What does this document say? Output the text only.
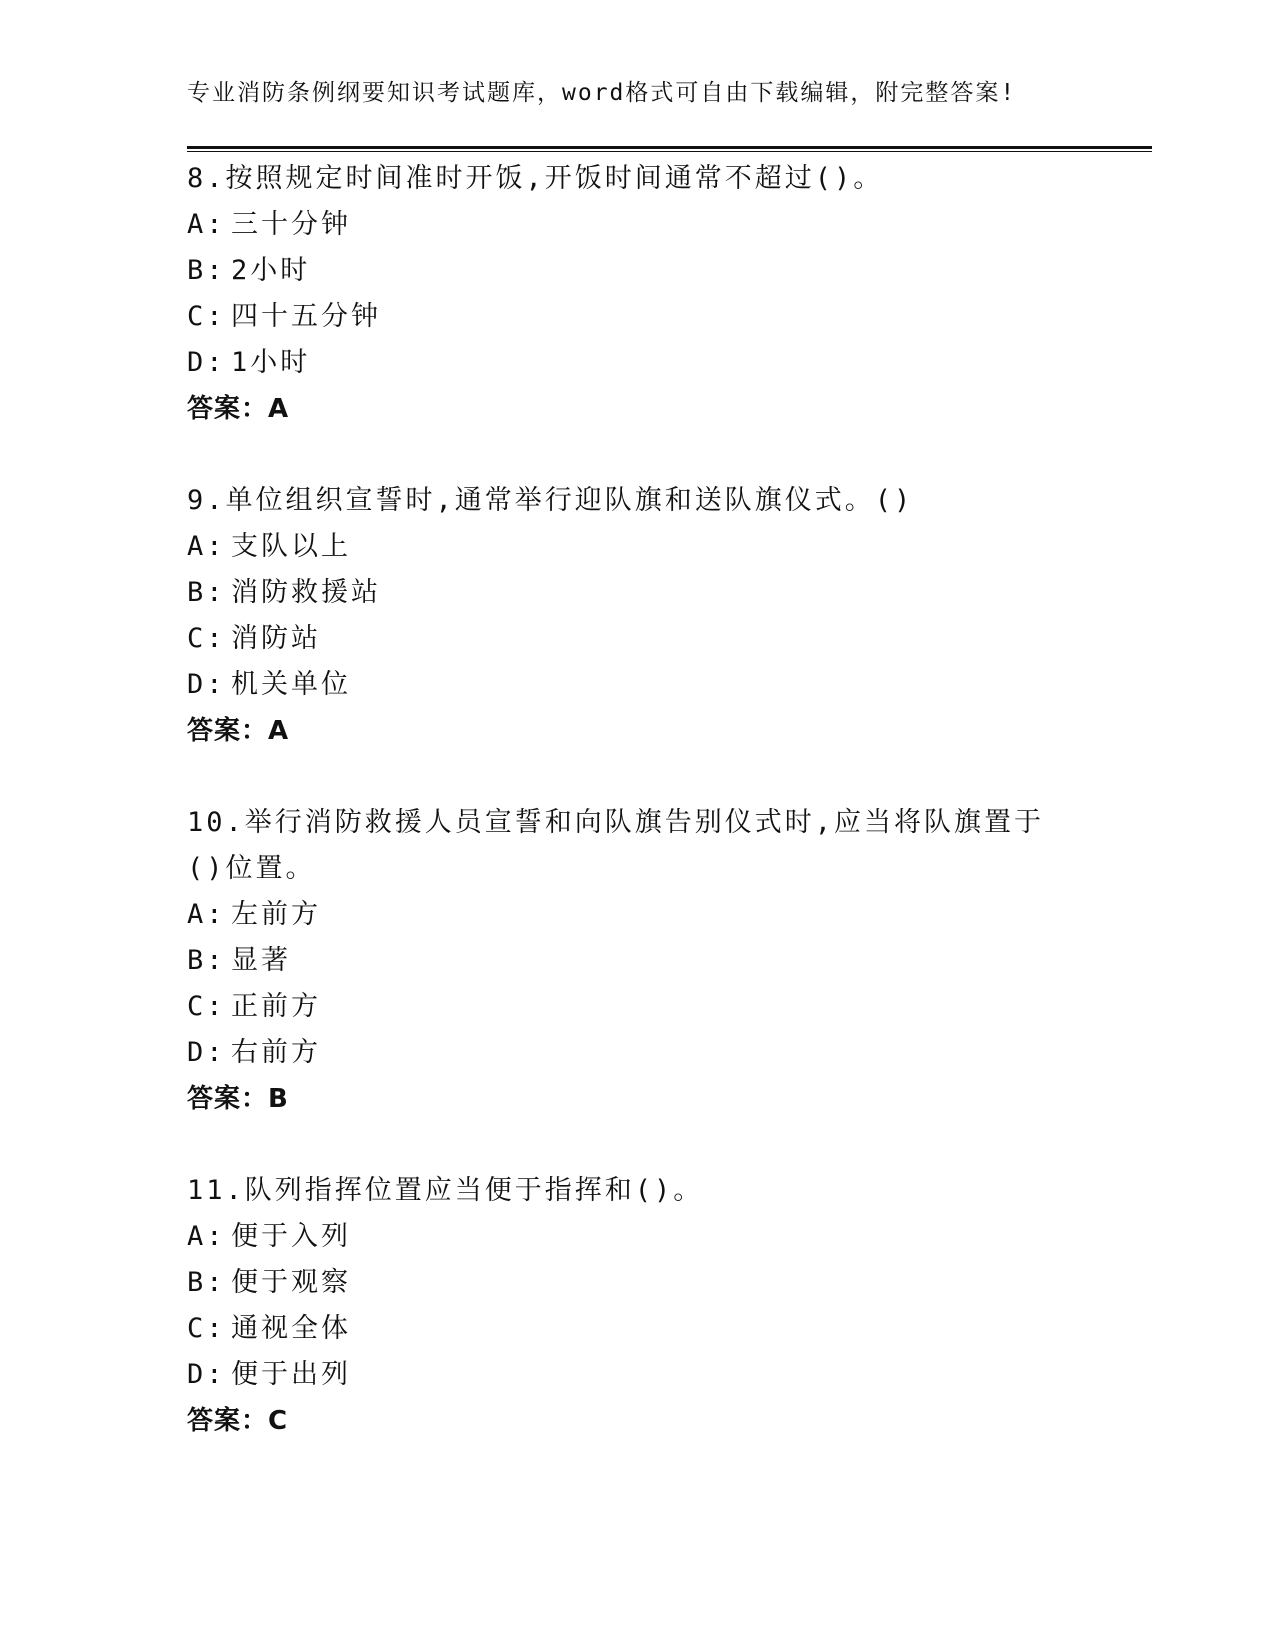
专业消防条例纲要知识考试题库，word格式可自由下载编辑，附完整答案!
8.按照规定时间准时开饭,开饭时间通常不超过()。
A: 三十分钟
B: 2小时
C: 四十五分钟
D: 1小时
答案：A
9.单位组织宣誓时,通常举行迎队旗和送队旗仪式。()
A: 支队以上
B: 消防救援站
C: 消防站
D: 机关单位
答案：A
10.举行消防救援人员宣誓和向队旗告别仪式时,应当将队旗置于()位置。
A: 左前方
B: 显著
C: 正前方
D: 右前方
答案：B
11.队列指挥位置应当便于指挥和()。
A: 便于入列
B: 便于观察
C: 通视全体
D: 便于出列
答案：C
